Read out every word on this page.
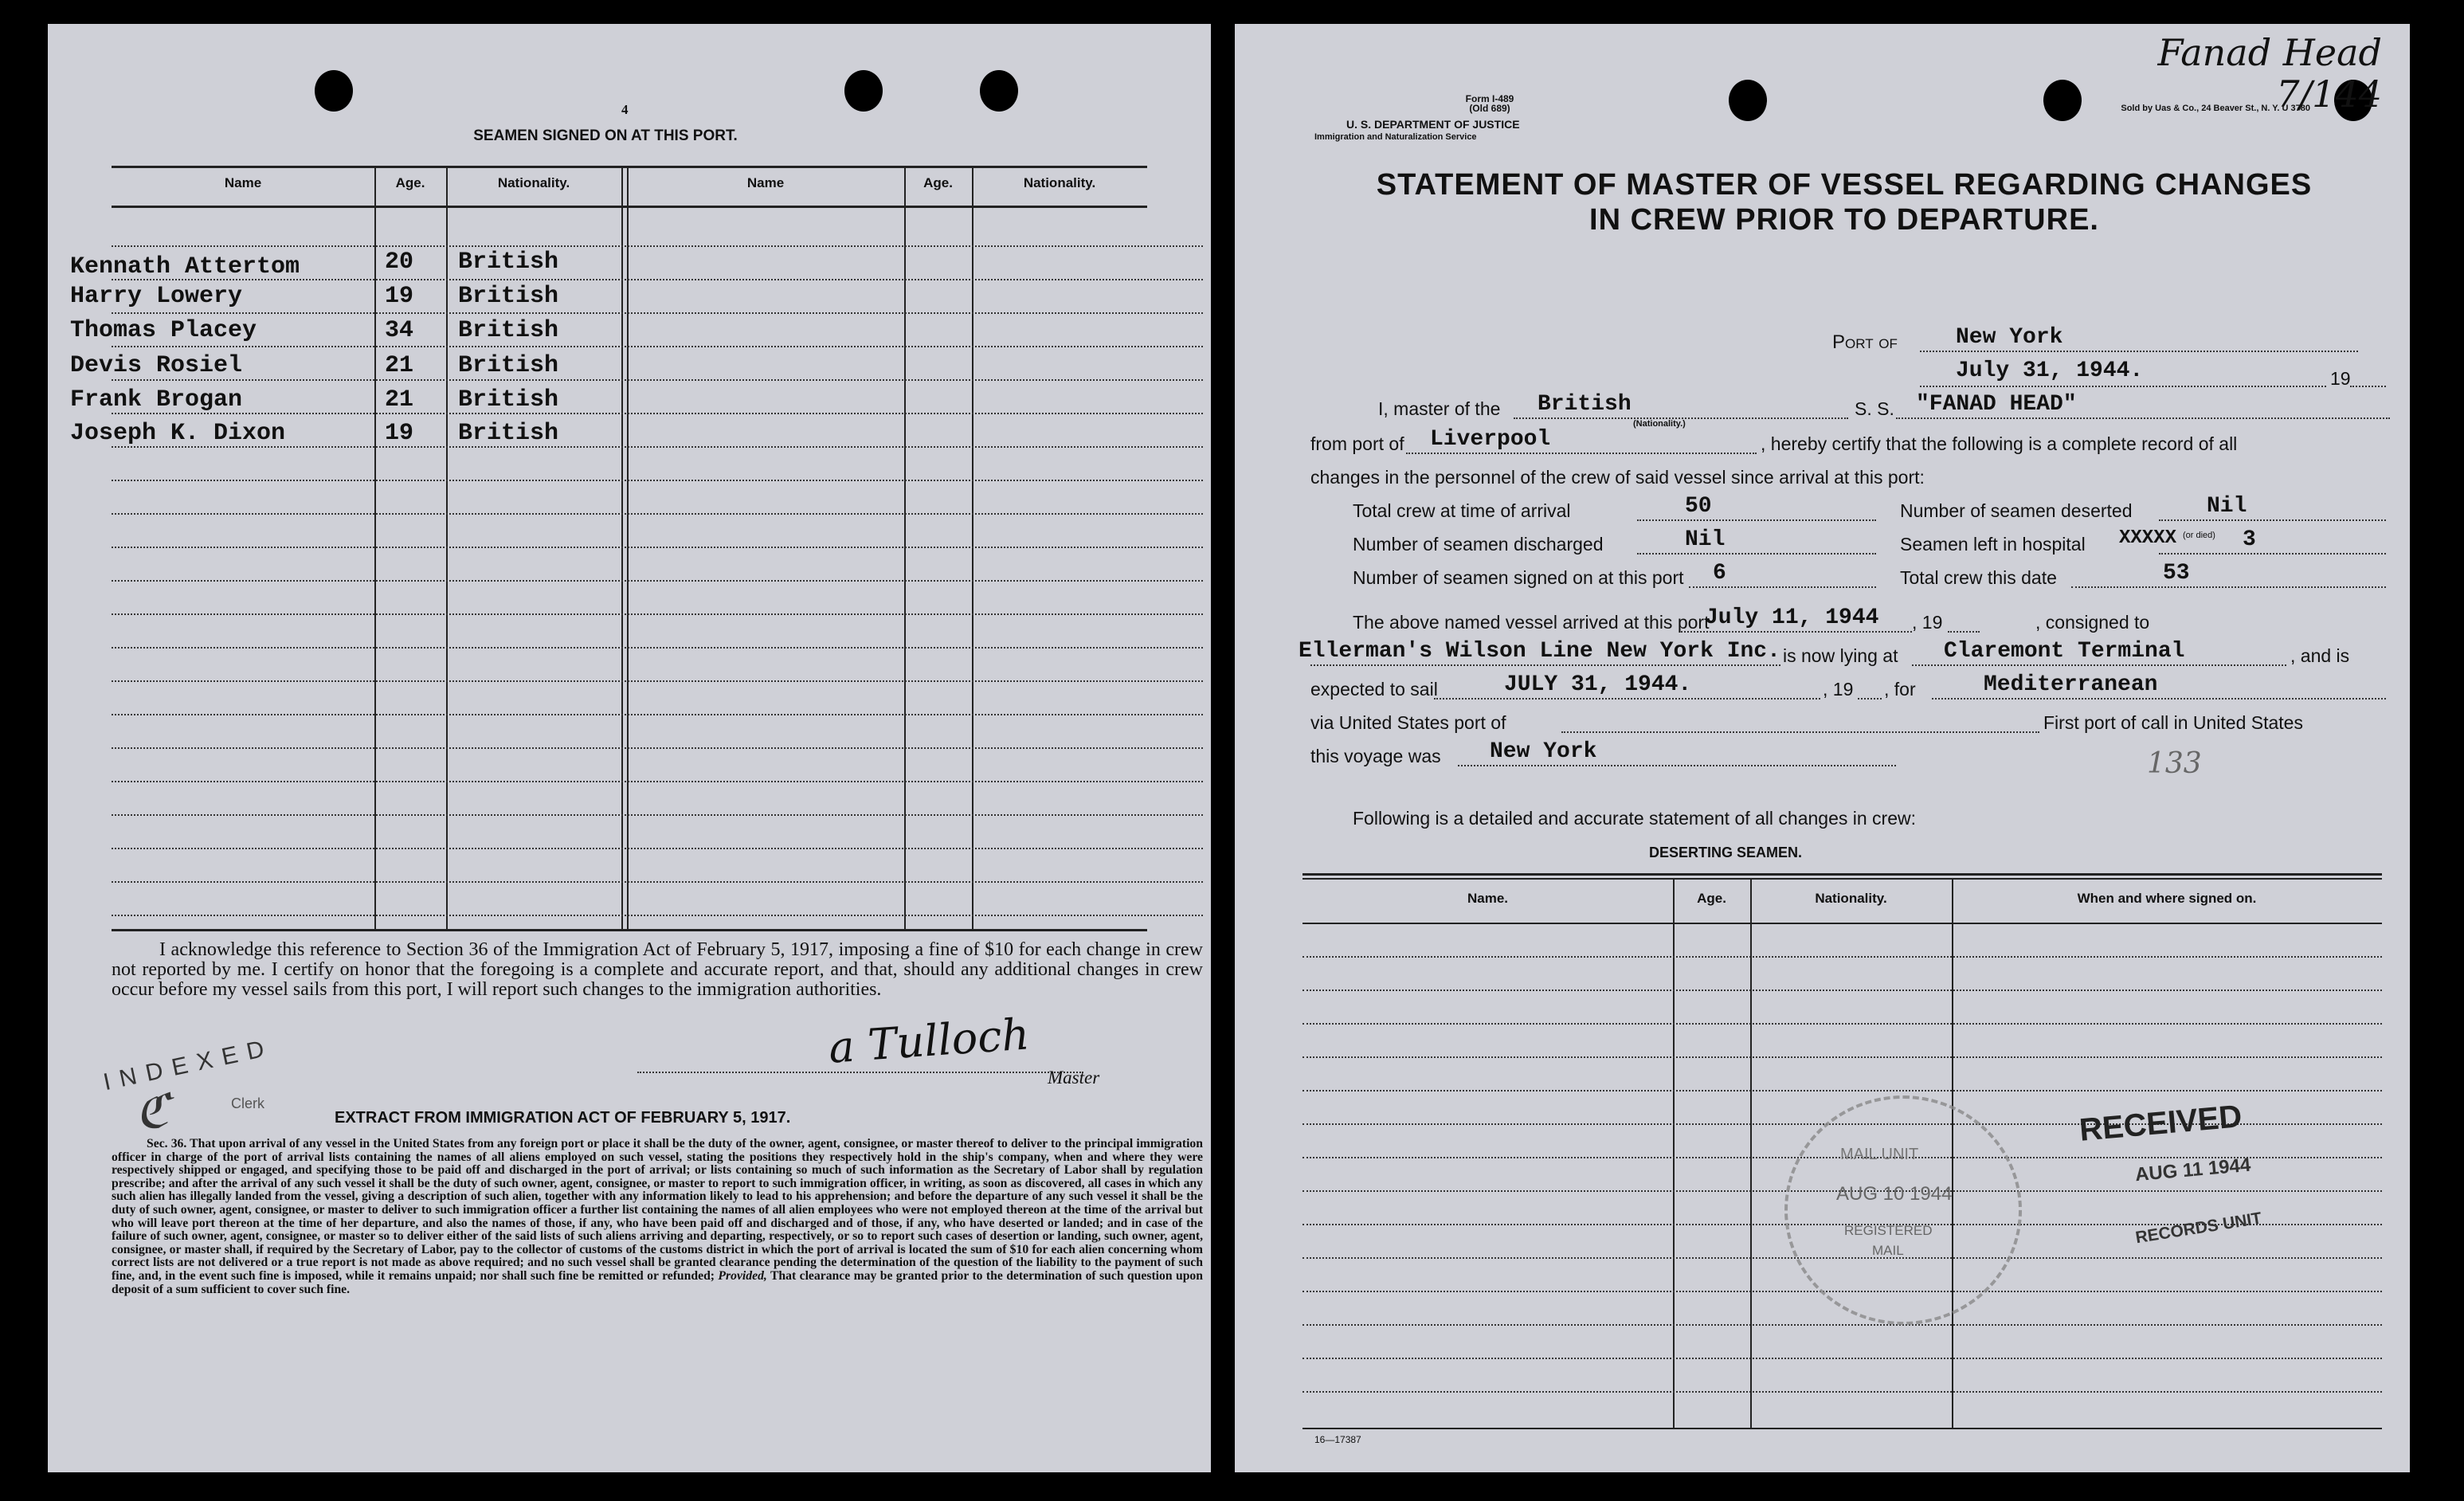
4
SEAMEN SIGNED ON AT THIS PORT.
Name	Age.	Nationality.	Name	Age.	Nationality.
Kennath Attertom	20 British
Harry Lowery	19 British
Thomas Placey	34 British
Devis Rosiel	21 British
Frank Brogan	21 British
Joseph K. Dixon	19 British
I acknowledge this reference to Section 36 of the Immigration Act of February 5, 1917, imposing a fine of $10 for each change in crew not reported by me. I certify on honor that the foregoing is a complete and accurate report, and that, should any additional changes in crew occur before my vessel sails from this port, I will report such changes to the immigration authorities.
a Tulloch
Master
INDEXED
ℭ	Clerk
EXTRACT FROM IMMIGRATION ACT OF FEBRUARY 5, 1917.
Sec. 36. That upon arrival of any vessel in the United States from any foreign port or place it shall be the duty of the owner, agent, consignee, or master thereof to deliver to the principal immigration officer in charge of the port of arrival lists containing the names of all aliens employed on such vessel, stating the positions they respectively hold in the ship's company, when and where they were respectively shipped or engaged, and specifying those to be paid off and discharged in the port of arrival; or lists containing so much of such information as the Secretary of Labor shall by regulation prescribe; and after the arrival of any such vessel it shall be the duty of such owner, agent, consignee, or master to report to such immigration officer, in writing, as soon as discovered, all cases in which any such alien has illegally landed from the vessel, giving a description of such alien, together with any information likely to lead to his apprehension; and before the departure of any such vessel it shall be the duty of such owner, agent, consignee, or master to deliver to such immigration officer a further list containing the names of all alien employees who were not employed thereon at the time of the arrival but who will leave port thereon at the time of her departure, and also the names of those, if any, who have been paid off and discharged and of those, if any, who have deserted or landed; and in case of the failure of such owner, agent, consignee, or master so to deliver either of the said lists of such aliens arriving and departing, respectively, or so to report such cases of desertion or landing, such owner, agent, consignee, or master shall, if required by the Secretary of Labor, pay to the collector of customs of the customs district in which the port of arrival is located the sum of $10 for each alien concerning whom correct lists are not delivered or a true report is not made as above required; and no such vessel shall be granted clearance pending the determination of the question of the liability to the payment of such fine, and, in the event such fine is imposed, while it remains unpaid; nor shall such fine be remitted or refunded; Provided, That clearance may be granted prior to the determination of such question upon deposit of a sum sufficient to cover such fine.
Form I-489
(Old 689)
U. S. DEPARTMENT OF JUSTICE
Immigration and Naturalization Service
Sold by Uas & Co., 24 Beaver St., N. Y. U 3780
Fanad Head 7/144
STATEMENT OF MASTER OF VESSEL REGARDING CHANGES
IN CREW PRIOR TO DEPARTURE.
Port of	New York
July 31, 1944.	19
I, master of the British
(Nationality.)
S. S. "FANAD HEAD"
from port of Liverpool	, hereby certify that the following is a complete record of all
changes in the personnel of the crew of said vessel since arrival at this port:
Total crew at time of arrival	50	Number of seamen deserted	Nil
Number of seamen discharged	Nil	Seamen left in hospital XXXXX (or died) 3
Number of seamen signed on at this port 6	Total crew this date	53
The above named vessel arrived at this port
July 11, 1944 , 19	, consigned to
Ellerman's Wilson Line New York Inc. is now lying at Claremont Terminal	, and is
expected to sail	JULY 31, 1944.	, 19 , for	Mediterranean
via United States port of	First port of call in United States
this voyage was New York	133
Following is a detailed and accurate statement of all changes in crew:
DESERTING SEAMEN.
Name.	Age.	Nationality.	When and where signed on.
MAIL UNIT
AUG 10 1944
REGISTERED
MAIL
RECEIVED
AUG 11 1944
RECORDS UNIT
16—17387
